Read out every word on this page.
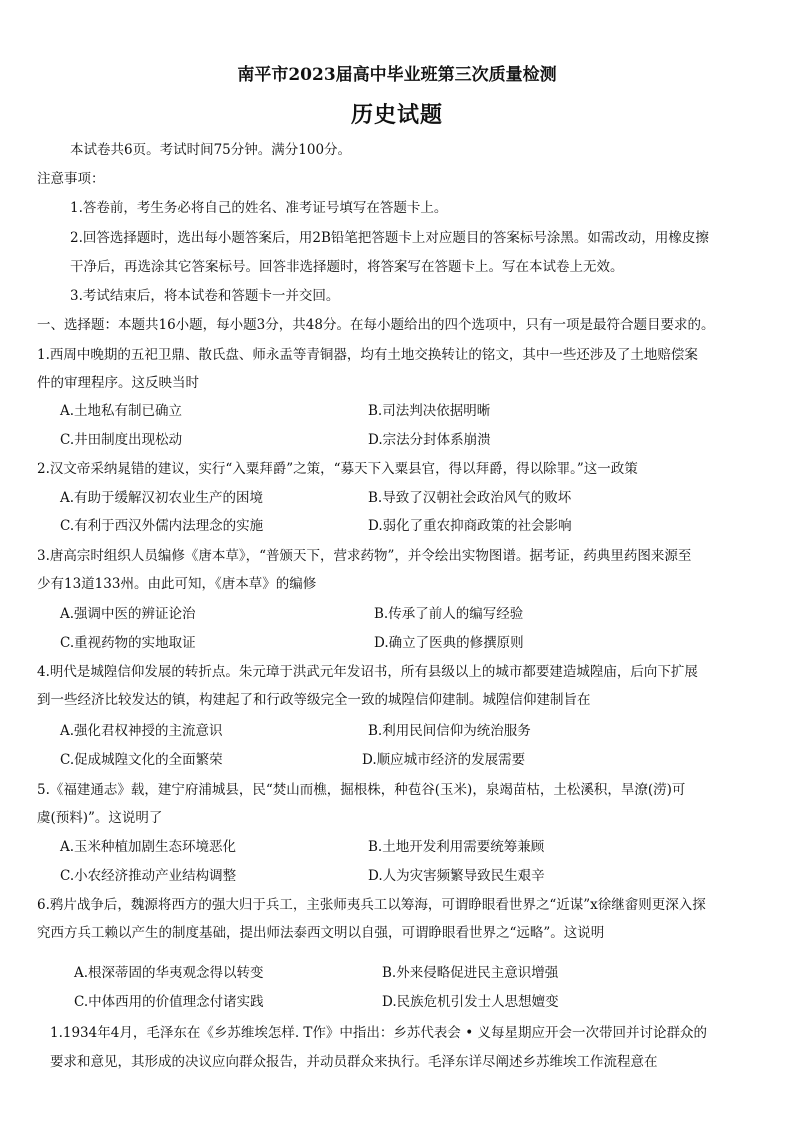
南平市2023届高中毕业班第三次质量检测
历史试题
本试卷共6页。考试时间75分钟。满分100分。
注意事项：
1.答卷前，考生务必将自己的姓名、准考证号填写在答题卡上。
2.回答选择题时，选出每小题答案后，用2B铅笔把答题卡上对应题目的答案标号涂黑。如需改动，用橡皮擦
干净后，再选涂其它答案标号。回答非选择题时，将答案写在答题卡上。写在本试卷上无效。
3.考试结束后，将本试卷和答题卡一并交回。
一、选择题：本题共16小题，每小题3分，共48分。在每小题给出的四个选项中，只有一项是最符合题目要求的。
1.西周中晚期的五祀卫鼎、散氏盘、师永盂等青铜器，均有土地交换转让的铭文，其中一些还涉及了土地赔偿案
件的审理程序。这反映当时
A.土地私有制已确立	B.司法判决依据明晰
C.井田制度出现松动	D.宗法分封体系崩溃
2.汉文帝采纳晁错的建议，实行“入粟拜爵”之策，“募天下入粟县官，得以拜爵，得以除罪。”这一政策
A.有助于缓解汉初农业生产的困境	B.导致了汉朝社会政治风气的败坏
C.有利于西汉外儒内法理念的实施	D.弱化了重农抑商政策的社会影响
3.唐高宗时组织人员编修《唐本草》，“普颁天下，营求药物”，并令绘出实物图谱。据考证，药典里药图来源至
少有13道133州。由此可知，《唐本草》的编修
A.强调中医的辨证论治	B.传承了前人的编写经验
C.重视药物的实地取证	D.确立了医典的修撰原则
4.明代是城隍信仰发展的转折点。朱元璋于洪武元年发诏书，所有县级以上的城市都要建造城隍庙，后向下扩展
到一些经济比较发达的镇，构建起了和行政等级完全一致的城隍信仰建制。城隍信仰建制旨在
A.强化君权神授的主流意识	B.利用民间信仰为统治服务
C.促成城隍文化的全面繁荣	D.顺应城市经济的发展需要
5.《福建通志》载，建宁府浦城县，民“焚山而樵，掘根株，种苞谷(玉米)，泉竭苗枯，土松溪积，旱潦(涝)可
虞(预料)”。这说明了
A.玉米种植加剧生态环境恶化	B.土地开发利用需要统筹兼顾
C.小农经济推动产业结构调整	D.人为灾害频繁导致民生艰辛
6.鸦片战争后，魏源将西方的强大归于兵工，主张师夷兵工以筹海，可谓睁眼看世界之“近谋”x徐继畲则更深入探
究西方兵工赖以产生的制度基础，提出师法泰西文明以自强，可谓睁眼看世界之“远略”。这说明
A.根深蒂固的华夷观念得以转变	B.外来侵略促进民主意识增强
C.中体西用的价值理念付诸实践	D.民族危机引发士人思想嬗变
1.1934年4月，毛泽东在《乡苏维埃怎样. T作》中指出：乡苏代表会 • 义每星期应开会一次带回并讨论群众的
要求和意见，其形成的决议应向群众报告，并动员群众来执行。毛泽东详尽阐述乡苏维埃工作流程意在
